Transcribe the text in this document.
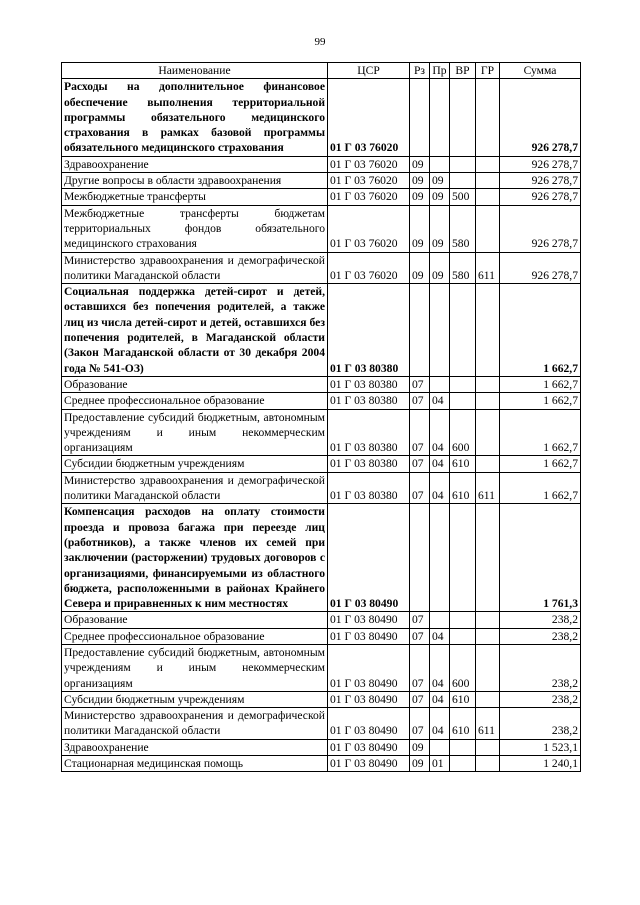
99
Наименование	ЦСР	Рз	Пр	ВР	ГР	Сумма
Расходы на дополнительное финансовое обеспечение выполнения территориальной программы обязательного медицинского страхования в рамках базовой программы обязательного медицинского страхования	01 Г 03 76020					926 278,7
Здравоохранение	01 Г 03 76020	09				926 278,7
Другие вопросы в области здравоохранения	01 Г 03 76020	09	09			926 278,7
Межбюджетные трансферты	01 Г 03 76020	09	09	500		926 278,7
Межбюджетные трансферты бюджетам территориальных фондов обязательного медицинского страхования	01 Г 03 76020	09	09	580		926 278,7
Министерство здравоохранения и демографической политики Магаданской области	01 Г 03 76020	09	09	580	611	926 278,7
Социальная поддержка детей-сирот и детей, оставшихся без попечения родителей, а также лиц из числа детей-сирот и детей, оставшихся без попечения родителей, в Магаданской области (Закон Магаданской области от 30 декабря 2004 года № 541-ОЗ)	01 Г 03 80380					1 662,7
Образование	01 Г 03 80380	07				1 662,7
Среднее профессиональное образование	01 Г 03 80380	07	04			1 662,7
Предоставление субсидий бюджетным, автономным учреждениям и иным некоммерческим организациям	01 Г 03 80380	07	04	600		1 662,7
Субсидии бюджетным учреждениям	01 Г 03 80380	07	04	610		1 662,7
Министерство здравоохранения и демографической политики Магаданской области	01 Г 03 80380	07	04	610	611	1 662,7
Компенсация расходов на оплату стоимости проезда и провоза багажа при переезде лиц (работников), а также членов их семей при заключении (расторжении) трудовых договоров с организациями, финансируемыми из областного бюджета, расположенными в районах Крайнего Севера и приравненных к ним местностях	01 Г 03 80490					1 761,3
Образование	01 Г 03 80490	07				238,2
Среднее профессиональное образование	01 Г 03 80490	07	04			238,2
Предоставление субсидий бюджетным, автономным учреждениям и иным некоммерческим организациям	01 Г 03 80490	07	04	600		238,2
Субсидии бюджетным учреждениям	01 Г 03 80490	07	04	610		238,2
Министерство здравоохранения и демографической политики Магаданской области	01 Г 03 80490	07	04	610	611	238,2
Здравоохранение	01 Г 03 80490	09				1 523,1
Стационарная медицинская помощь	01 Г 03 80490	09	01			1 240,1
